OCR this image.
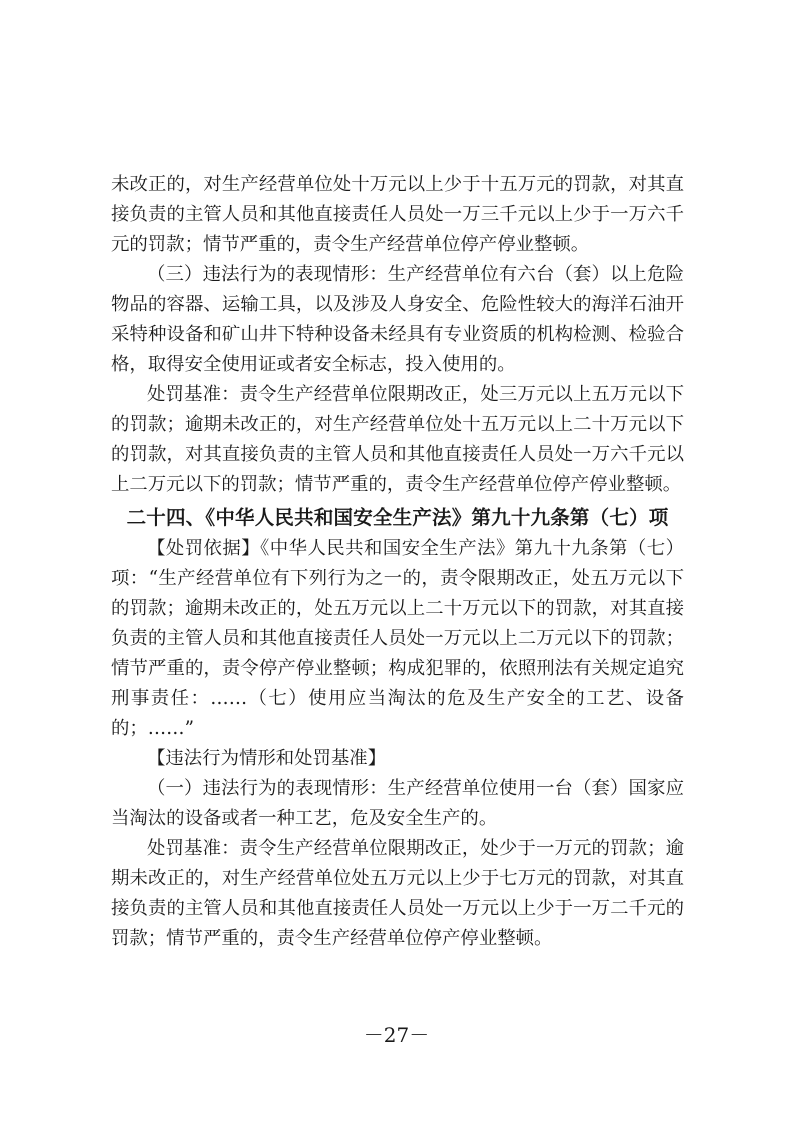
未改正的，对生产经营单位处十万元以上少于十五万元的罚款，对其直接负责的主管人员和其他直接责任人员处一万三千元以上少于一万六千元的罚款；情节严重的，责令生产经营单位停产停业整顿。

（三）违法行为的表现情形：生产经营单位有六台（套）以上危险物品的容器、运输工具，以及涉及人身安全、危险性较大的海洋石油开采特种设备和矿山井下特种设备未经具有专业资质的机构检测、检验合格，取得安全使用证或者安全标志，投入使用的。

处罚基准：责令生产经营单位限期改正，处三万元以上五万元以下的罚款；逾期未改正的，对生产经营单位处十五万元以上二十万元以下的罚款，对其直接负责的主管人员和其他直接责任人员处一万六千元以上二万元以下的罚款；情节严重的，责令生产经营单位停产停业整顿。

二十四、《中华人民共和国安全生产法》第九十九条第（七）项

【处罚依据】《中华人民共和国安全生产法》第九十九条第（七）项：“生产经营单位有下列行为之一的，责令限期改正，处五万元以下的罚款；逾期未改正的，处五万元以上二十万元以下的罚款，对其直接负责的主管人员和其他直接责任人员处一万元以上二万元以下的罚款；情节严重的，责令停产停业整顿；构成犯罪的，依照刑法有关规定追究刑事责任：……（七）使用应当淘汰的危及生产安全的工艺、设备的；……”

【违法行为情形和处罚基准】

（一）违法行为的表现情形：生产经营单位使用一台（套）国家应当淘汰的设备或者一种工艺，危及安全生产的。

处罚基准：责令生产经营单位限期改正，处少于一万元的罚款；逾期未改正的，对生产经营单位处五万元以上少于七万元的罚款，对其直接负责的主管人员和其他直接责任人员处一万元以上少于一万二千元的罚款；情节严重的，责令生产经营单位停产停业整顿。

－27－
